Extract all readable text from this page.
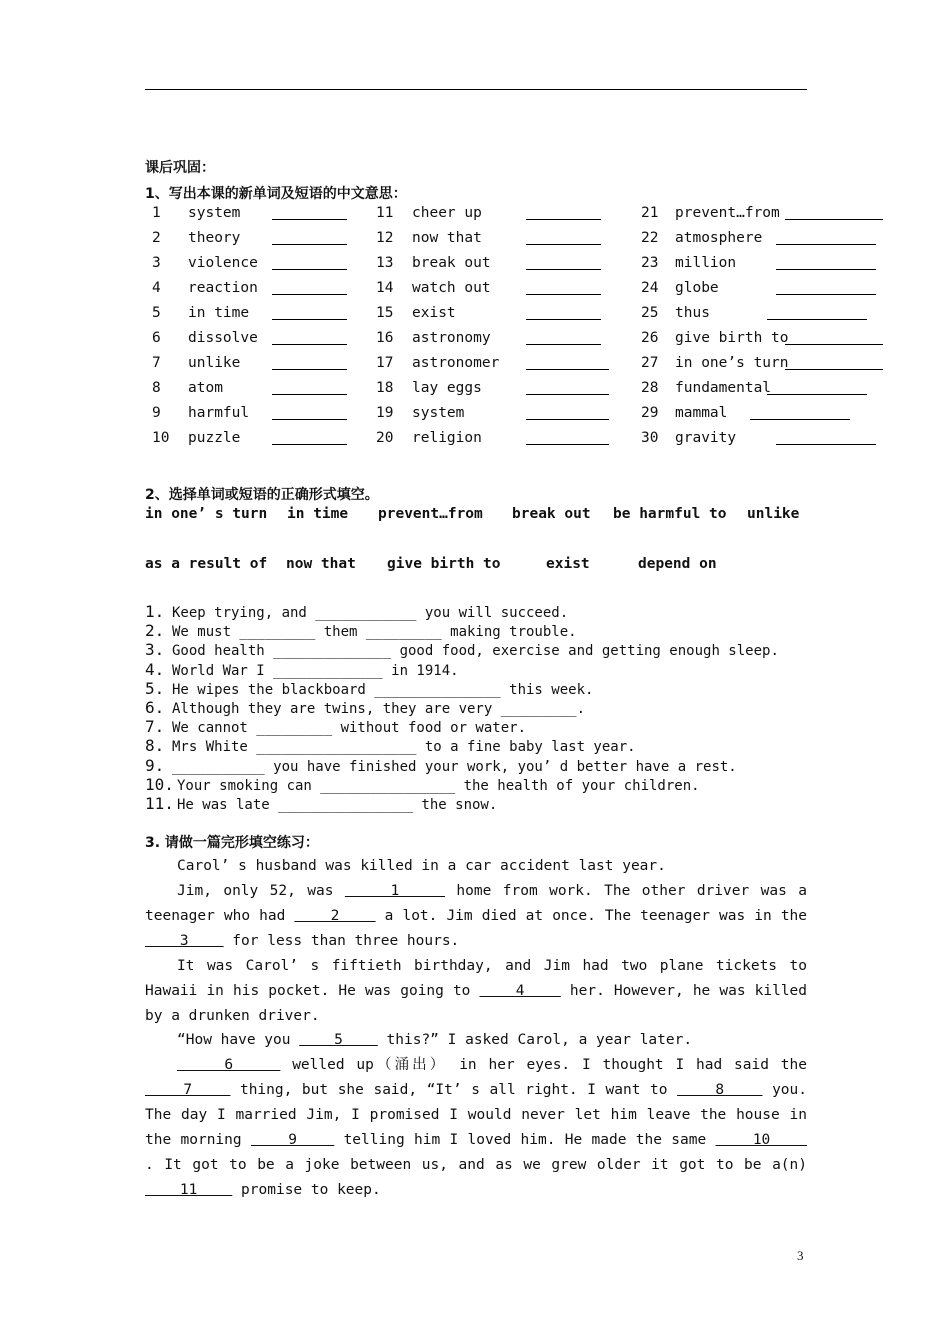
课后巩固：
1、写出本课的新单词及短语的中文意思：
1 system
2 theory
3 violence
4 reaction
5 in time
6 dissolve
7 unlike
8 atom
9 harmful
10 puzzle
11 cheer up
12 now that
13 break out
14 watch out
15 exist
16 astronomy
17 astronomer
18 lay eggs
19 system
20 religion
21 prevent…from
22 atmosphere
23 million
24 globe
25 thus
26 give birth to
27 in one’s turn
28 fundamental
29 mammal
30 gravity
2、选择单词或短语的正确形式填空。
in one’ s turn in time prevent…from break out be harmful to unlike
as a result of now that give birth to	exist	depend on
1. Keep trying, and ____________ you will succeed.
2. We must _________ them _________ making trouble.
3. Good health ______________ good food, exercise and getting enough sleep.
4. World War I _____________ in 1914.
5. He wipes the blackboard _______________ this week.
6. Although they are twins, they are very _________.
7. We cannot _________ without food or water.
8. Mrs White ___________________ to a fine baby last year.
9. ___________ you have finished your work, you’ d better have a rest.
10. Your smoking can ________________ the health of your children.
11. He was late ________________ the snow.
3. 请做一篇完形填空练习：
Carol’ s husband was killed in a car accident last year.
Jim, only 52, was     1     home from work. The other driver was a teenager who had     2     a lot. Jim died at once. The teenager was in the     3     for less than three hours.
It was Carol’ s fiftieth birthday, and Jim had two plane tickets to Hawaii in his pocket. He was going to     4     her. However, he was killed by a drunken driver.
“How have you     5     this?” I asked Carol, a year later.
6     welled up（涌出） in her eyes. I thought I had said the     7     thing, but she said, “It’ s all right. I want to     8     you. The day I married Jim, I promised I would never let him leave the house in the morning     9     telling him I loved him. He made the same     10     . It got to be a joke between us, and as we grew older it got to be a(n)     11     promise to keep.
3
